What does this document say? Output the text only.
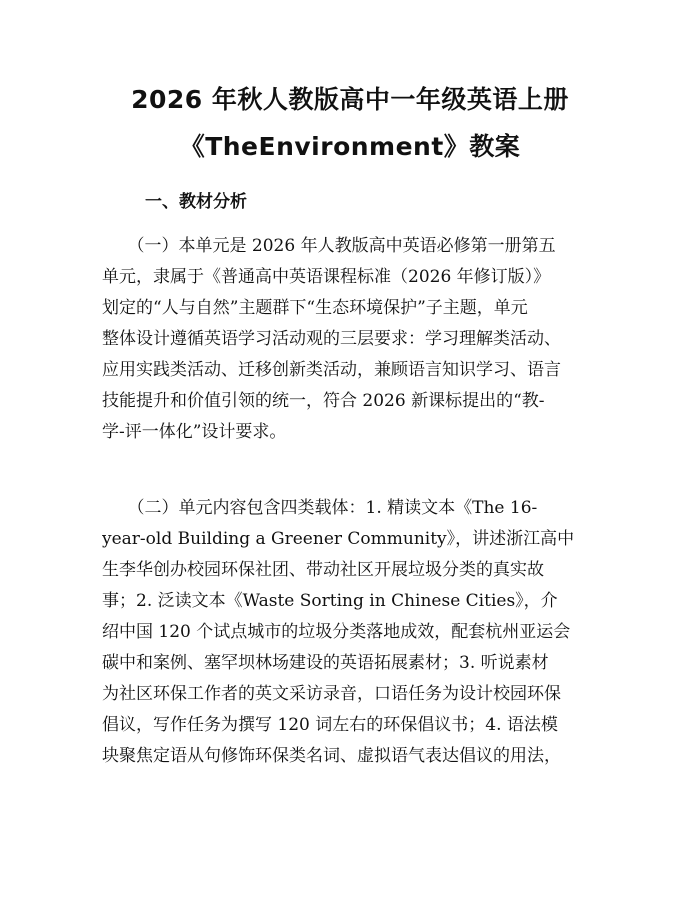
2026 年秋人教版高中一年级英语上册
《TheEnvironment》教案
一、教材分析

　　（一）本单元是 2026 年人教版高中英语必修第一册第五
单元，隶属于《普通高中英语课程标准（2026 年修订版）》
划定的“人与自然”主题群下“生态环境保护”子主题，单元
整体设计遵循英语学习活动观的三层要求：学习理解类活动、
应用实践类活动、迁移创新类活动，兼顾语言知识学习、语言
技能提升和价值引领的统一，符合 2026 新课标提出的“教-
学-评一体化”设计要求。

　　（二）单元内容包含四类载体：1. 精读文本《The 16-
year-old Building a Greener Community》，讲述浙江高中
生李华创办校园环保社团、带动社区开展垃圾分类的真实故
事；2. 泛读文本《Waste Sorting in Chinese Cities》，介
绍中国 120 个试点城市的垃圾分类落地成效，配套杭州亚运会
碳中和案例、塞罕坝林场建设的英语拓展素材；3. 听说素材
为社区环保工作者的英文采访录音，口语任务为设计校园环保
倡议，写作任务为撰写 120 词左右的环保倡议书；4. 语法模
块聚焦定语从句修饰环保类名词、虚拟语气表达倡议的用法，
